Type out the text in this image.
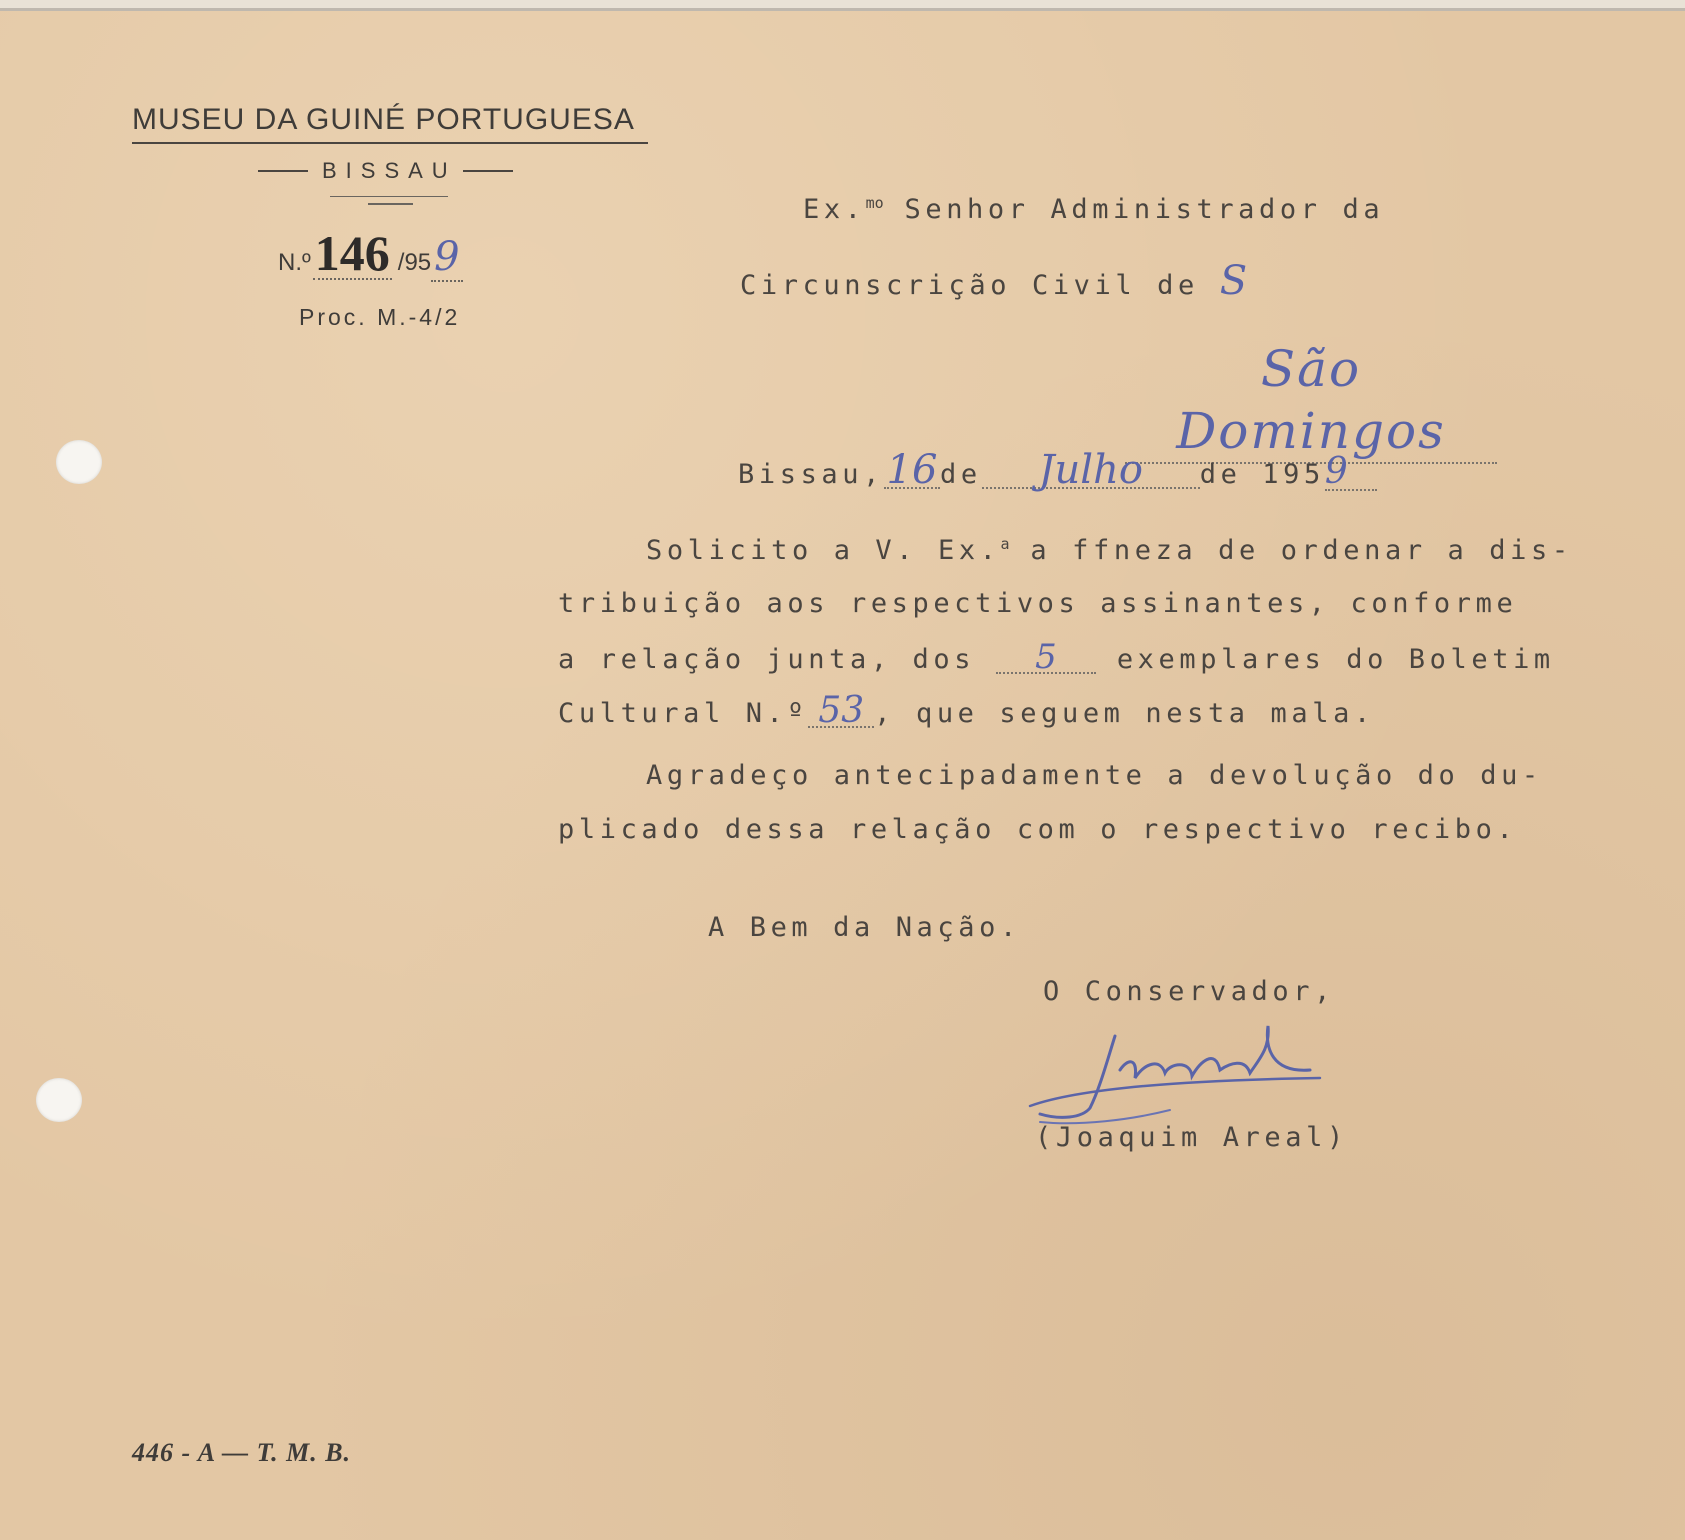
MUSEU DA GUINÉ PORTUGUESA
BISSAU
N.º 146 / 95 9
Proc. M.-4/2
Ex.$^{mo}$ Senhor Administrador da
Circunscrição Civil de S
São Domingos
Bissau,16de Julho de 1959
Solicito a V. Ex.$^a$ a ffneza de ordenar a dis-
tribuição aos respectivos assinantes, conforme
a relação junta, dos 5 exemplares do Boletim
Cultural N.º 53 , que seguem nesta mala.
Agradeço antecipadamente a devolução do du-
plicado dessa relação com o respectivo recibo.
A Bem da Nação.
O Conservador,
(Joaquim Areal)
446 - A — T. M. B.
